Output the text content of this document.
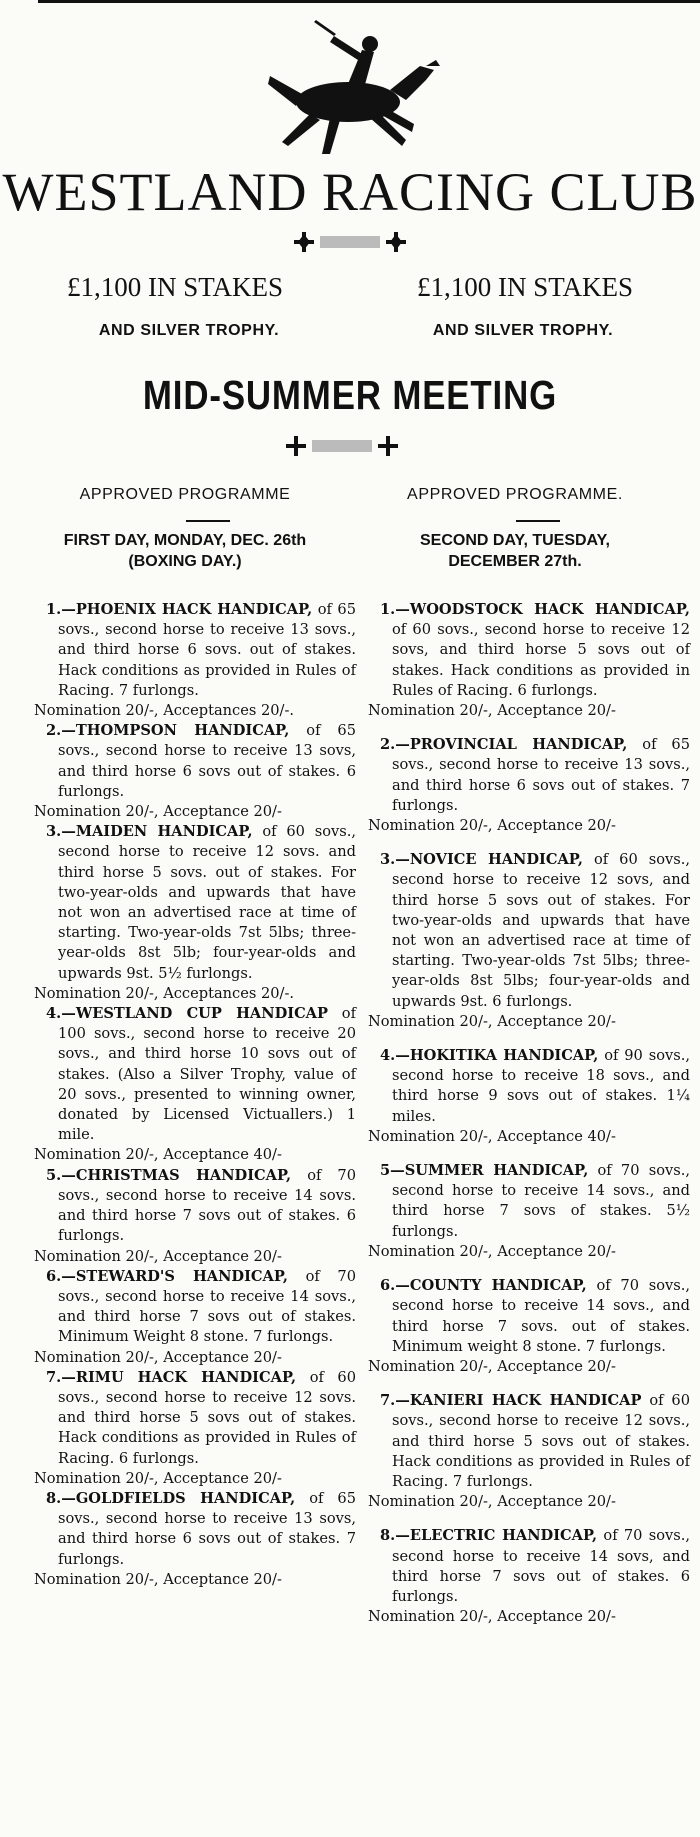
WESTLAND RACING CLUB
£1,100 IN STAKES	£1,100 IN STAKES
AND SILVER TROPHY.	AND SILVER TROPHY.
MID-SUMMER MEETING
APPROVED PROGRAMME	APPROVED PROGRAMME.
FIRST DAY, MONDAY, DEC. 26th
(BOXING DAY.)
SECOND DAY, TUESDAY,
DECEMBER 27th.

1.—PHOENIX HACK HANDICAP, of 65 sovs., second horse to receive 13 sovs., and third horse 6 sovs. out of stakes. Hack conditions as provided in Rules of Racing. 7 furlongs.

Nomination 20/-, Acceptances 20/-.

2.—THOMPSON HANDICAP, of 65 sovs., second horse to receive 13 sovs, and third horse 6 sovs out of stakes. 6 furlongs.

Nomination 20/-, Acceptance 20/-

3.—MAIDEN HANDICAP, of 60 sovs., second horse to receive 12 sovs. and third horse 5 sovs. out of stakes. For two-year-olds and upwards that have not won an advertised race at time of starting. Two-year-olds 7st 5lbs; three-year-olds 8st 5lb; four-year-olds and upwards 9st. 5½ furlongs.

Nomination 20/-, Acceptances 20/-.

4.—WESTLAND CUP HANDICAP of 100 sovs., second horse to receive 20 sovs., and third horse 10 sovs out of stakes. (Also a Silver Trophy, value of 20 sovs., presented to winning owner, donated by Licensed Victuallers.) 1 mile.

Nomination 20/-, Acceptance 40/-

5.—CHRISTMAS HANDICAP, of 70 sovs., second horse to receive 14 sovs. and third horse 7 sovs out of stakes. 6 furlongs.

Nomination 20/-, Acceptance 20/-

6.—STEWARD'S HANDICAP, of 70 sovs., second horse to receive 14 sovs., and third horse 7 sovs out of stakes. Minimum Weight 8 stone. 7 furlongs.

Nomination 20/-, Acceptance 20/-

7.—RIMU HACK HANDICAP, of 60 sovs., second horse to receive 12 sovs. and third horse 5 sovs out of stakes. Hack conditions as provided in Rules of Racing. 6 furlongs.

Nomination 20/-, Acceptance 20/-

8.—GOLDFIELDS HANDICAP, of 65 sovs., second horse to receive 13 sovs, and third horse 6 sovs out of stakes. 7 furlongs.

Nomination 20/-, Acceptance 20/-

1.—WOODSTOCK HACK HANDICAP, of 60 sovs., second horse to receive 12 sovs, and third horse 5 sovs out of stakes. Hack conditions as provided in Rules of Racing. 6 furlongs.

Nomination 20/-, Acceptance 20/-

2.—PROVINCIAL HANDICAP, of 65 sovs., second horse to receive 13 sovs., and third horse 6 sovs out of stakes. 7 furlongs.

Nomination 20/-, Acceptance 20/-

3.—NOVICE HANDICAP, of 60 sovs., second horse to receive 12 sovs, and third horse 5 sovs out of stakes. For two-year-olds and upwards that have not won an advertised race at time of starting. Two-year-olds 7st 5lbs; three-year-olds 8st 5lbs; four-year-olds and upwards 9st. 6 furlongs.

Nomination 20/-, Acceptance 20/-

4.—HOKITIKA HANDICAP, of 90 sovs., second horse to receive 18 sovs., and third horse 9 sovs out of stakes. 1¼ miles.

Nomination 20/-, Acceptance 40/-

5—SUMMER HANDICAP, of 70 sovs., second horse to receive 14 sovs., and third horse 7 sovs of stakes. 5½ furlongs.

Nomination 20/-, Acceptance 20/-

6.—COUNTY HANDICAP, of 70 sovs., second horse to receive 14 sovs., and third horse 7 sovs. out of stakes. Minimum weight 8 stone. 7 furlongs.

Nomination 20/-, Acceptance 20/-

7.—KANIERI HACK HANDICAP of 60 sovs., second horse to receive 12 sovs., and third horse 5 sovs out of stakes. Hack conditions as provided in Rules of Racing. 7 furlongs.

Nomination 20/-, Acceptance 20/-

8.—ELECTRIC HANDICAP, of 70 sovs., second horse to receive 14 sovs, and third horse 7 sovs out of stakes. 6 furlongs.

Nomination 20/-, Acceptance 20/-
